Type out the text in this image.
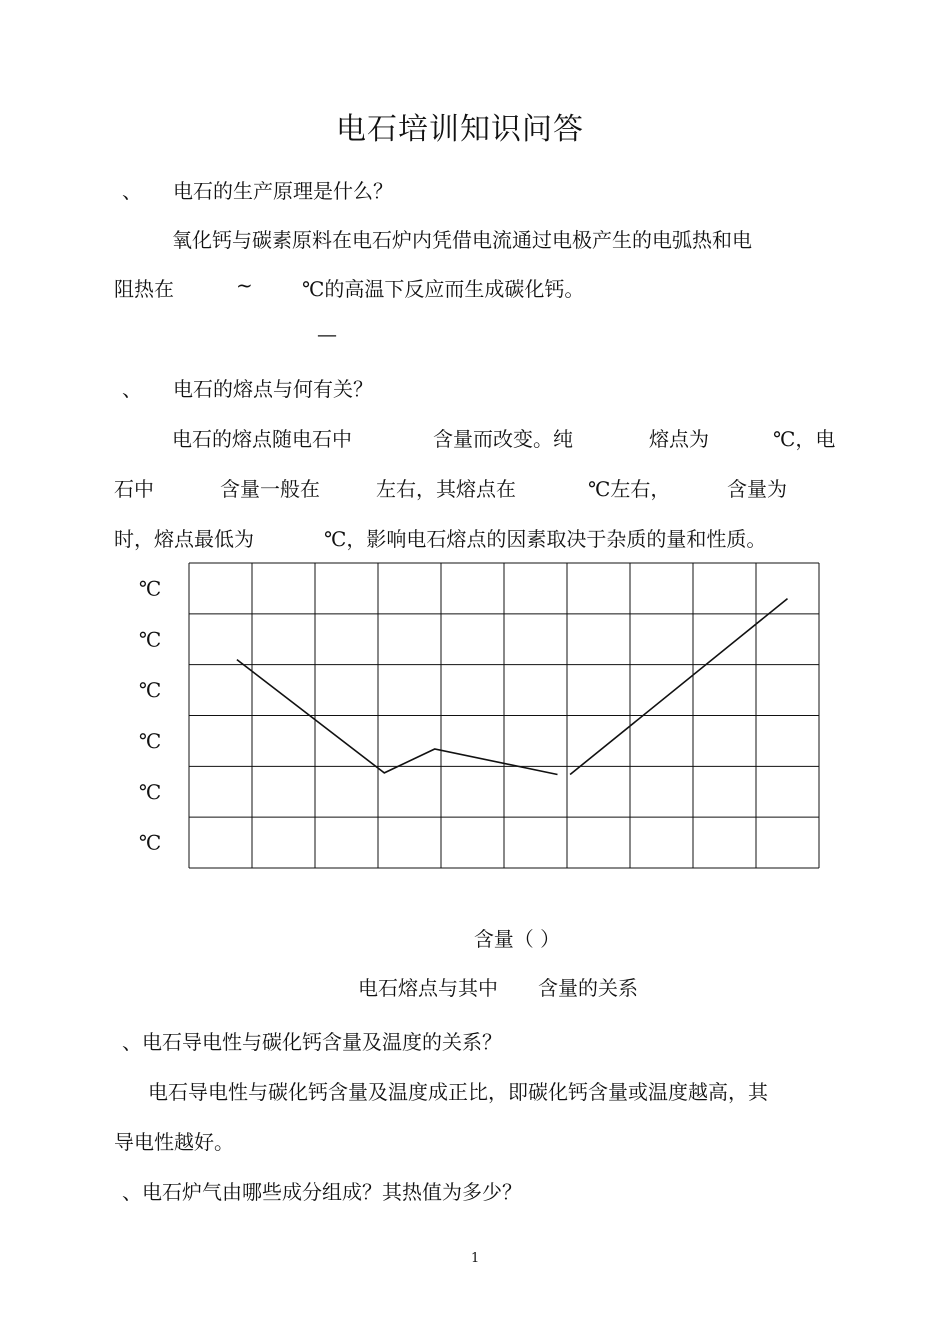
电石培训知识问答
、 电石的生产原理是什么？
氧化钙与碳素原料在电石炉内凭借电流通过电极产生的电弧热和电
阻热在	~ ℃的高温下反应而生成碳化钙。
—
、 电石的熔点与何有关？
电石的熔点随电石中	含量而改变。纯	熔点为	℃，电
石中	含量一般在	左右，其熔点在	℃左右，	含量为
时，熔点最低为	℃，影响电石熔点的因素取决于杂质的量和性质。
℃
℃
℃
℃
℃
℃
含量（ ）
电石熔点与其中　　含量的关系
、电石导电性与碳化钙含量及温度的关系？
电石导电性与碳化钙含量及温度成正比，即碳化钙含量或温度越高，其
导电性越好。
、电石炉气由哪些成分组成？其热值为多少？
1
